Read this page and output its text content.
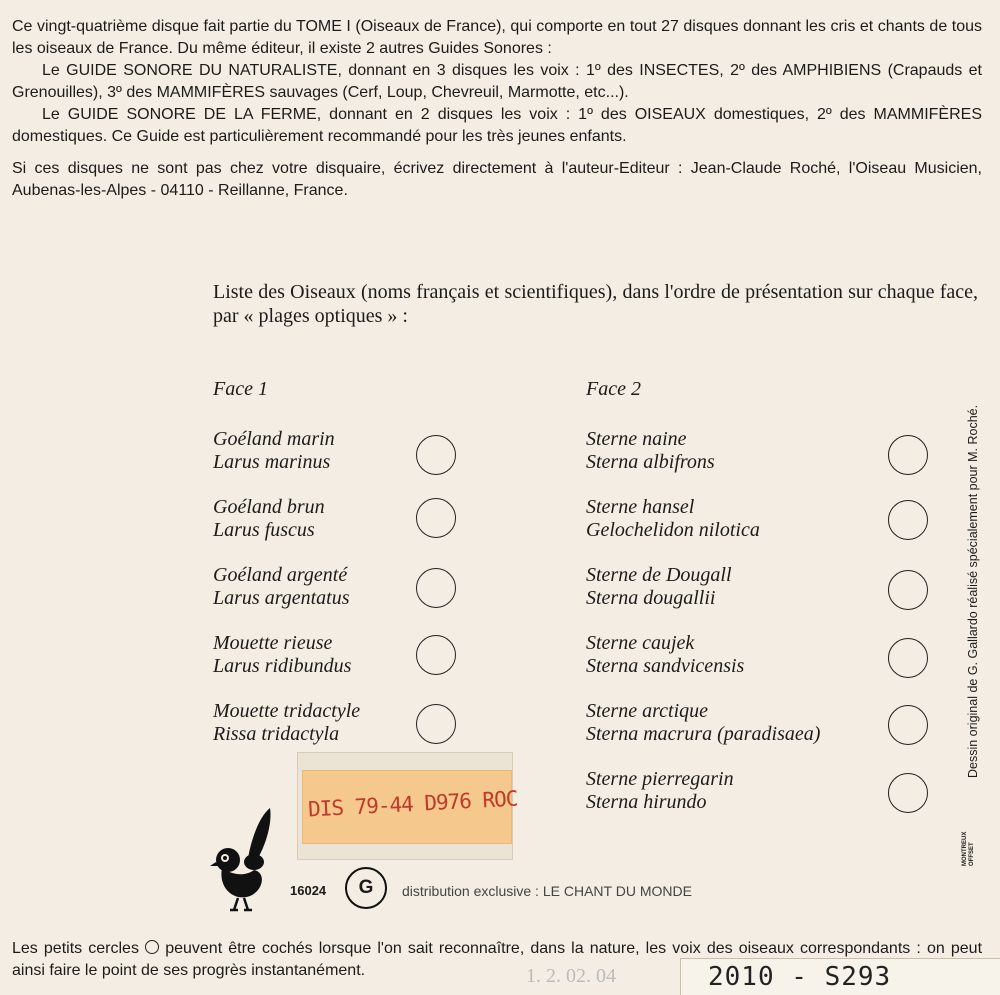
Ce vingt-quatrième disque fait partie du TOME I (Oiseaux de France), qui comporte en tout 27 disques donnant les cris et chants de tous les oiseaux de France. Du même éditeur, il existe 2 autres Guides Sonores :

Le GUIDE SONORE DU NATURALISTE, donnant en 3 disques les voix : 1º des INSECTES, 2º des AMPHIBIENS (Crapauds et Grenouilles), 3º des MAMMIFÈRES sauvages (Cerf, Loup, Chevreuil, Marmotte, etc...).

Le GUIDE SONORE DE LA FERME, donnant en 2 disques les voix : 1º des OISEAUX domestiques, 2º des MAMMIFÈRES domestiques. Ce Guide est particulièrement recommandé pour les très jeunes enfants.

Si ces disques ne sont pas chez votre disquaire, écrivez directement à l'auteur-Editeur : Jean-Claude Roché, l'Oiseau Musicien, Aubenas-les-Alpes - 04110 - Reillanne, France.

Liste des Oiseaux (noms français et scientifiques), dans l'ordre de présentation sur chaque face, par « plages optiques » :
Face 1	Face 2
Goéland marin
Larus marinus
Goéland brun
Larus fuscus
Goéland argenté
Larus argentatus
Mouette rieuse
Larus ridibundus
Mouette tridactyle
Rissa tridactyla
Sterne naine
Sterna albifrons
Sterne hansel
Gelochelidon nilotica
Sterne de Dougall
Sterna dougallii
Sterne caujek
Sterna sandvicensis
Sterne arctique
Sterna macrura (paradisaea)
Sterne pierregarin
Sterna hirundo
Dessin original de G. Gallardo réalisé spécialement pour M. Roché.
MONTREUX OFFSET
DIS 79-44 D976 ROC
16024	G	distribution exclusive : LE CHANT DU MONDE

Les petits cercles peuvent être cochés lorsque l'on sait reconnaître, dans la nature, les voix des oiseaux correspondants : on peut ainsi faire le point de ses progrès instantanément.	1. 2. 02. 04	2010 - S293
